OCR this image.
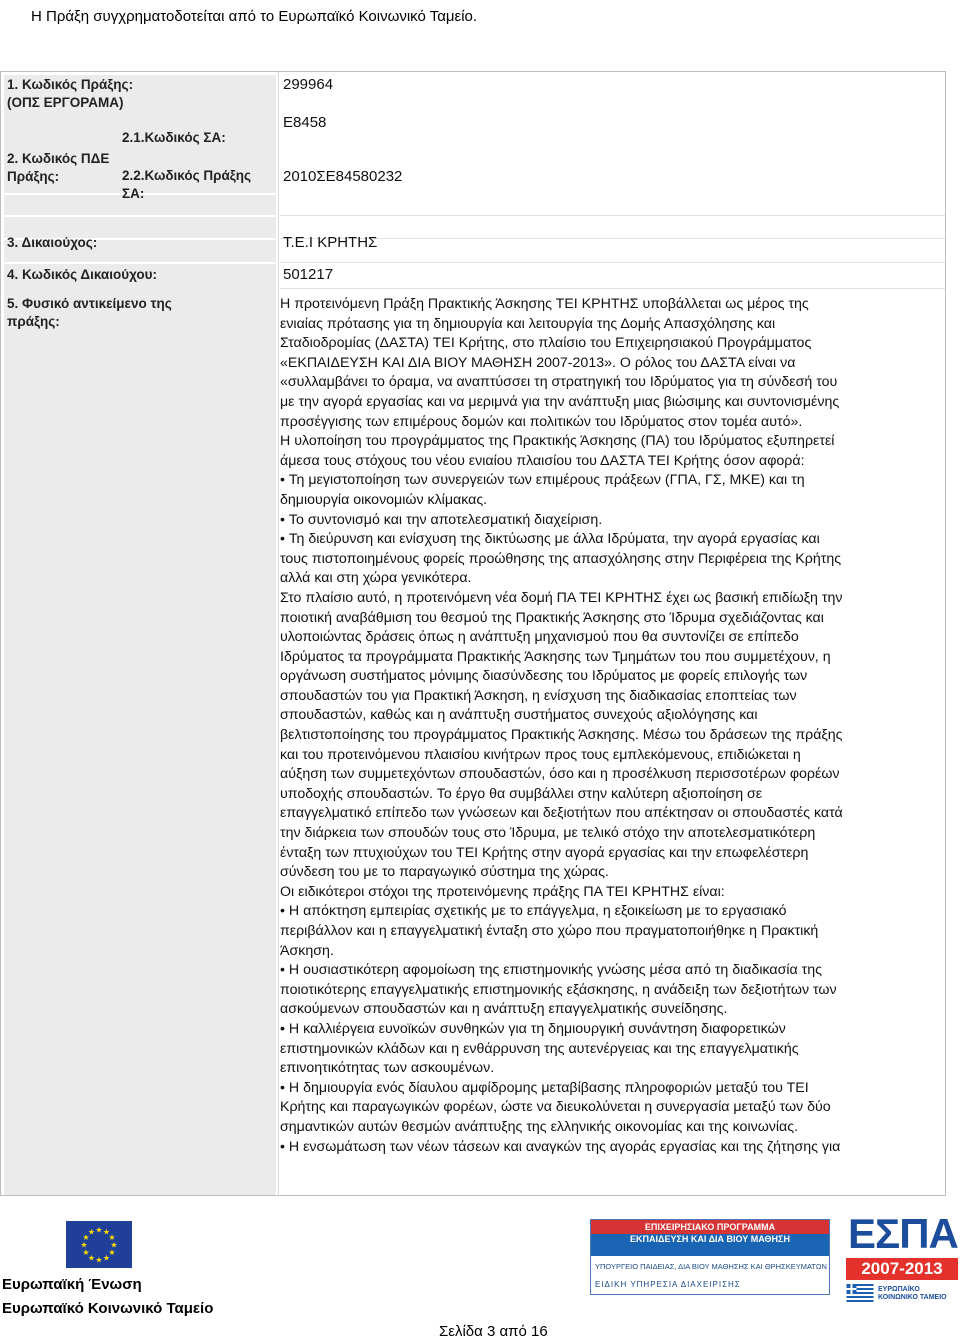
Η Πράξη συγχρηματοδοτείται από το Ευρωπαϊκό Κοινωνικό Ταμείο.
1. Κωδικός Πράξης:
(ΟΠΣ ΕΡΓΟΡΑΜΑ)
299964
2. Κωδικός ΠΔΕ
Πράξης:
2.1.Κωδικός ΣΑ:
Ε8458
2.2.Κωδικός Πράξης
ΣΑ:
2010ΣΕ84580232
3. Δικαιούχος:	Τ.Ε.Ι ΚΡΗΤΗΣ
4. Κωδικός Δικαιούχου:	501217
5. Φυσικό αντικείμενο της
πράξης:

Η προτεινόμενη Πράξη Πρακτικής Άσκησης ΤΕΙ ΚΡΗΤΗΣ υποβάλλεται ως μέρος της

ενιαίας πρότασης για τη δημιουργία και λειτουργία της Δομής Απασχόλησης και

Σταδιοδρομίας (ΔΑΣΤΑ) ΤΕΙ Κρήτης, στο πλαίσιο του Επιχειρησιακού Προγράμματος

«ΕΚΠΑΙΔΕΥΣΗ ΚΑΙ ΔΙΑ ΒΙΟΥ ΜΑΘΗΣΗ 2007-2013». Ο ρόλος του ΔΑΣΤΑ είναι να

«συλλαμβάνει το όραμα, να αναπτύσσει τη στρατηγική του Ιδρύματος για τη σύνδεσή του

με την αγορά εργασίας και να μεριμνά για την ανάπτυξη μιας βιώσιμης και συντονισμένης

προσέγγισης των επιμέρους δομών και πολιτικών του Ιδρύματος στον τομέα αυτό».

Η υλοποίηση του προγράμματος της Πρακτικής Άσκησης (ΠΑ) του Ιδρύματος εξυπηρετεί

άμεσα τους στόχους του νέου ενιαίου πλαισίου του ΔΑΣΤΑ ΤΕΙ Κρήτης όσον αφορά:

• Τη μεγιστοποίηση των συνεργειών των επιμέρους πράξεων (ΓΠΑ, ΓΣ, ΜΚΕ) και τη

δημιουργία οικονομιών κλίμακας.

• Το συντονισμό και την αποτελεσματική διαχείριση.

• Τη διεύρυνση και ενίσχυση της δικτύωσης με άλλα Ιδρύματα, την αγορά εργασίας και

τους πιστοποιημένους φορείς προώθησης της απασχόλησης στην Περιφέρεια της Κρήτης

αλλά και στη χώρα γενικότερα.

Στο πλαίσιο αυτό, η προτεινόμενη νέα δομή ΠΑ ΤΕΙ ΚΡΗΤΗΣ έχει ως βασική επιδίωξη την

ποιοτική αναβάθμιση του θεσμού της Πρακτικής Άσκησης στο Ίδρυμα σχεδιάζοντας και

υλοποιώντας δράσεις όπως η ανάπτυξη μηχανισμού που θα συντονίζει σε επίπεδο

Ιδρύματος τα προγράμματα Πρακτικής Άσκησης των Τμημάτων του που συμμετέχουν, η

οργάνωση συστήματος μόνιμης διασύνδεσης του Ιδρύματος με φορείς επιλογής των

σπουδαστών του για Πρακτική Άσκηση, η ενίσχυση της διαδικασίας εποπτείας των

σπουδαστών, καθώς και η ανάπτυξη συστήματος συνεχούς αξιολόγησης και

βελτιστοποίησης του προγράμματος Πρακτικής Άσκησης. Μέσω του δράσεων της πράξης

και του προτεινόμενου πλαισίου κινήτρων προς τους εμπλεκόμενους, επιδιώκεται η

αύξηση των συμμετεχόντων σπουδαστών, όσο και η προσέλκυση περισσοτέρων φορέων

υποδοχής σπουδαστών. Το έργο θα συμβάλλει στην καλύτερη αξιοποίηση σε

επαγγελματικό επίπεδο των γνώσεων και δεξιοτήτων που απέκτησαν οι σπουδαστές κατά

την διάρκεια των σπουδών τους στο Ίδρυμα, με τελικό στόχο την αποτελεσματικότερη

ένταξη των πτυχιούχων του ΤΕΙ Κρήτης στην αγορά εργασίας και την επωφελέστερη

σύνδεση του με το παραγωγικό σύστημα της χώρας.

Οι ειδικότεροι στόχοι της προτεινόμενης πράξης ΠΑ ΤΕΙ ΚΡΗΤΗΣ είναι:

• Η απόκτηση εμπειρίας σχετικής με το επάγγελμα, η εξοικείωση με το εργασιακό

περιβάλλον και η επαγγελματική ένταξη στο χώρο που πραγματοποιήθηκε η Πρακτική

Άσκηση.

• Η ουσιαστικότερη αφομοίωση της επιστημονικής γνώσης μέσα από τη διαδικασία της

ποιοτικότερης επαγγελματικής επιστημονικής εξάσκησης, η ανάδειξη των δεξιοτήτων των

ασκούμενων σπουδαστών και η ανάπτυξη επαγγελματικής συνείδησης.

• Η καλλιέργεια ευνοϊκών συνθηκών για τη δημιουργική συνάντηση διαφορετικών

επιστημονικών κλάδων και η ενθάρρυνση της αυτενέργειας και της επαγγελματικής

επινοητικότητας των ασκουμένων.

• Η δημιουργία ενός δίαυλου αμφίδρομης μεταβίβασης πληροφοριών μεταξύ του ΤΕΙ

Κρήτης και παραγωγικών φορέων, ώστε να διευκολύνεται η συνεργασία μεταξύ των δύο

σημαντικών αυτών θεσμών ανάπτυξης της ελληνικής οικονομίας και της κοινωνίας.

• Η ενσωμάτωση των νέων τάσεων και αναγκών της αγοράς εργασίας και της ζήτησης για

★
★
★
★
★
★
★
★
★ ★ ★
★
Ευρωπαϊκή Ένωση
Ευρωπαϊκό Κοινωνικό Ταμείο
Σελίδα 3 από 16
ΕΠΙΧΕΙΡΗΣΙΑΚΟ ΠΡΟΓΡΑΜΜΑ
ΕΚΠΑΙΔΕΥΣΗ ΚΑΙ ΔΙΑ ΒΙΟΥ ΜΑΘΗΣΗ
ΥΠΟΥΡΓΕΙΟ ΠΑΙΔΕΙΑΣ, ΔΙΑ ΒΙΟΥ ΜΑΘΗΣΗΣ ΚΑΙ ΘΡΗΣΚΕΥΜΑΤΩΝ
ΕΙΔΙΚΗ ΥΠΗΡΕΣΙΑ ΔΙΑΧΕΙΡΙΣΗΣ
ΕΣΠΑ
2007-2013
ΕΥΡΩΠΑΪΚΟ ΚΟΙΝΩΝΙΚΟ ΤΑΜΕΙΟ
